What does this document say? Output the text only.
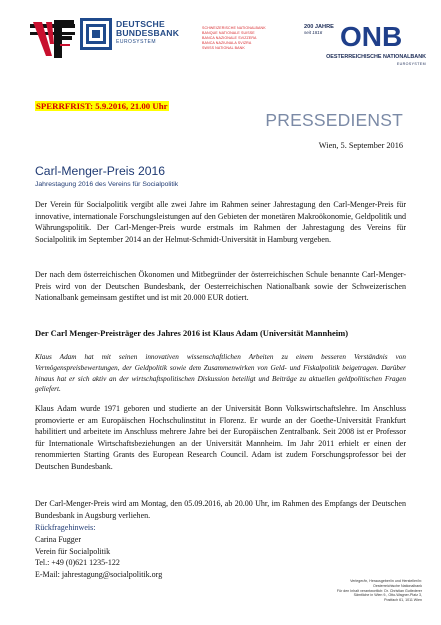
DEUTSCHE
BUNDESBANK
EUROSYSTEM
SCHWEIZERISCHE NATIONALBANK
BANQUE NATIONALE SUISSE
BANCA NAZIONALE SVIZZERA
BANCA NAZIUNALA SVIZRA
SWISS NATIONAL BANK
200 JAHRE
seit 1816 ONB
OESTERREICHISCHE NATIONALBANK
EUROSYSTEM
SPERRFRIST: 5.9.2016, 21.00 Uhr
PRESSEDIENST
Wien, 5. September 2016
Carl-Menger-Preis 2016
Jahrestagung 2016 des Vereins für Socialpolitik
Der Verein für Socialpolitik vergibt alle zwei Jahre im Rahmen seiner Jahrestagung den Carl-Menger-Preis für innovative, internationale Forschungsleistungen auf den Gebieten der monetären Makroökonomie, Geldpolitik und Währungspolitik. Der Carl-Menger-Preis wurde erstmals im Rahmen der Jahrestagung des Vereins für Socialpolitik im September 2014 an der Helmut-Schmidt-Universität in Hamburg vergeben.
Der nach dem österreichischen Ökonomen und Mitbegründer der österreichischen Schule benannte Carl-Menger-Preis wird von der Deutschen Bundesbank, der Oesterreichischen Nationalbank sowie der Schweizerischen Nationalbank gemeinsam gestiftet und ist mit 20.000 EUR dotiert.
Der Carl Menger-Preisträger des Jahres 2016 ist Klaus Adam (Universität Mannheim)
Klaus Adam hat mit seinen innovativen wissenschaftlichen Arbeiten zu einem besseren Verständnis von Vermögenspreisbewertungen, der Geldpolitik sowie dem Zusammenwirken von Geld- und Fiskalpolitik beigetragen. Darüber hinaus hat er sich aktiv an der wirtschaftspolitischen Diskussion beteiligt und Beiträge zu aktuellen geldpolitischen Fragen geliefert.
Klaus Adam wurde 1971 geboren und studierte an der Universität Bonn Volkswirtschaftslehre. Im Anschluss promovierte er am Europäischen Hochschulinstitut in Florenz. Er wurde an der Goethe-Universität Frankfurt habilitiert und arbeitete im Anschluss mehrere Jahre bei der Europäischen Zentralbank. Seit 2008 ist er Professor für Internationale Wirtschaftsbeziehungen an der Universität Mannheim. Im Jahr 2011 erhielt er einen der renommierten Starting Grants des European Research Council. Adam ist zudem Forschungsprofessor bei der Deutschen Bundesbank.
Der Carl-Menger-Preis wird am Montag, den 05.09.2016, ab 20.00 Uhr, im Rahmen des Empfangs der Deutschen Bundesbank in Augsburg verliehen.
Rückfragehinweis:
Carina Fugger
Verein für Socialpolitik
Tel.: +49 (0)621 1235-122
E-Mail: jahrestagung@socialpolitik.org
Verleger/in, Herausgeber/in und Hersteller/in:
Oesterreichische Nationalbank
Für den Inhalt verantwortlich: Dr. Christian Gutlederer
Sämtliche in Wien 9., Otto-Wagner-Platz 3,
Postfach 61, 1011 Wien
